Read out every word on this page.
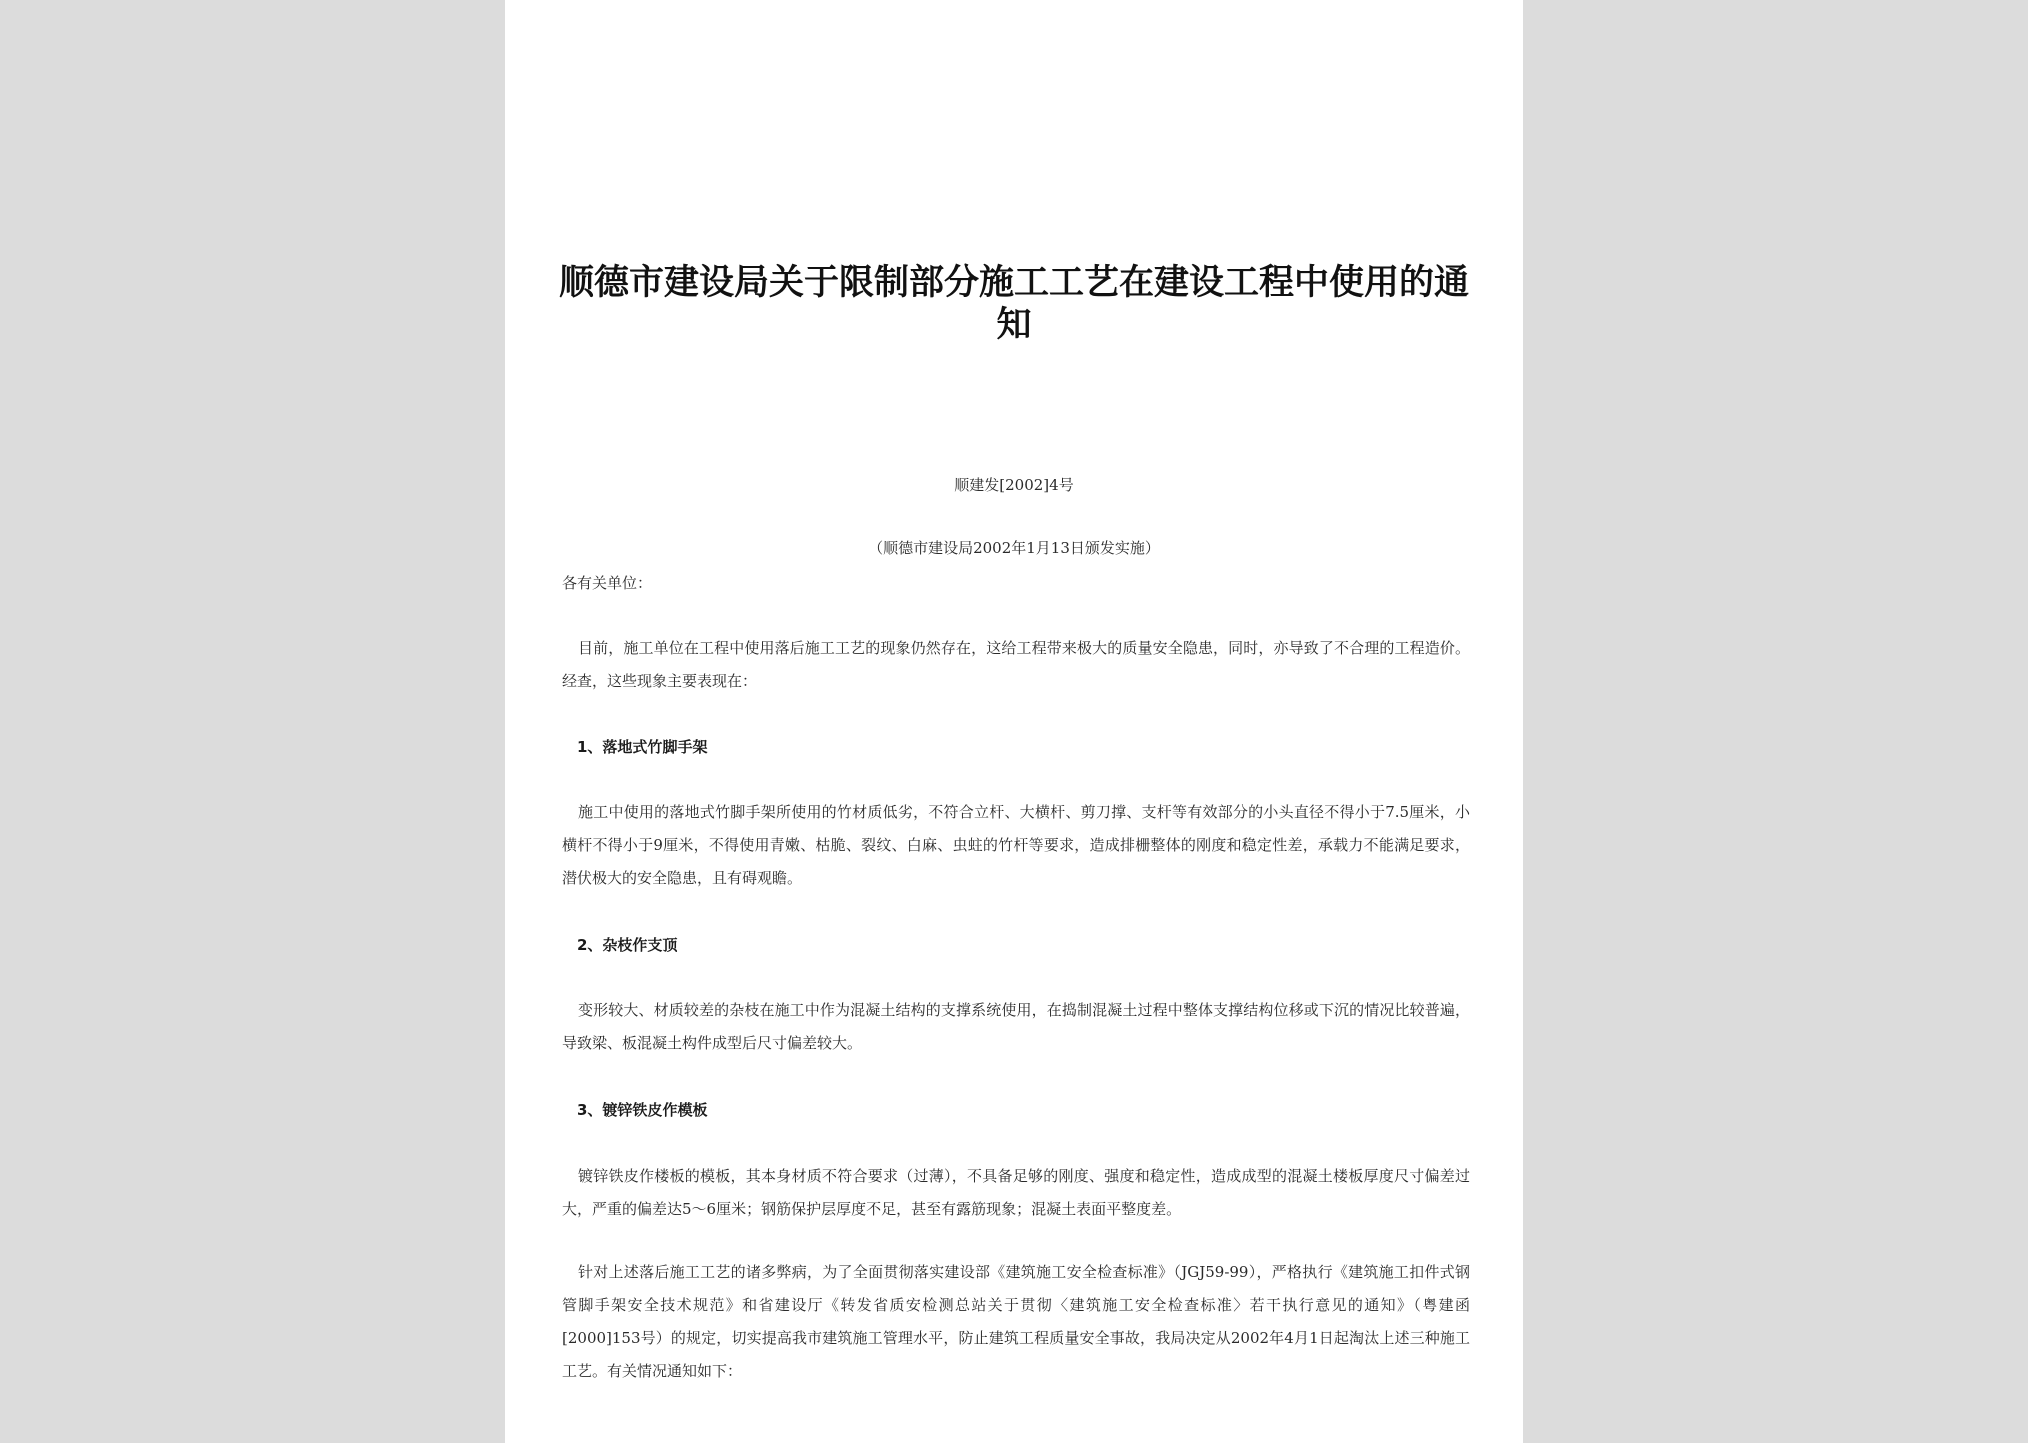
顺德市建设局关于限制部分施工工艺在建设工程中使用的通知
顺建发[2002]4号
（顺德市建设局2002年1月13日颁发实施）
各有关单位：
目前，施工单位在工程中使用落后施工工艺的现象仍然存在，这给工程带来极大的质量安全隐患，同时，亦导致了不合理的工程造价。经查，这些现象主要表现在：
1、落地式竹脚手架
施工中使用的落地式竹脚手架所使用的竹材质低劣，不符合立杆、大横杆、剪刀撑、支杆等有效部分的小头直径不得小于7.5厘米，小横杆不得小于9厘米，不得使用青嫩、枯脆、裂纹、白麻、虫蛀的竹杆等要求，造成排栅整体的刚度和稳定性差，承载力不能满足要求，潜伏极大的安全隐患，且有碍观瞻。
2、杂枝作支顶
变形较大、材质较差的杂枝在施工中作为混凝土结构的支撑系统使用，在捣制混凝土过程中整体支撑结构位移或下沉的情况比较普遍，导致梁、板混凝土构件成型后尺寸偏差较大。
3、镀锌铁皮作模板
镀锌铁皮作楼板的模板，其本身材质不符合要求（过薄），不具备足够的刚度、强度和稳定性，造成成型的混凝土楼板厚度尺寸偏差过大，严重的偏差达5～6厘米；钢筋保护层厚度不足，甚至有露筋现象；混凝土表面平整度差。
针对上述落后施工工艺的诸多弊病，为了全面贯彻落实建设部《建筑施工安全检查标准》（JGJ59-99），严格执行《建筑施工扣件式钢管脚手架安全技术规范》和省建设厅《转发省质安检测总站关于贯彻〈建筑施工安全检查标准〉若干执行意见的通知》（粤建函[2000]153号）的规定，切实提高我市建筑施工管理水平，防止建筑工程质量安全事故，我局决定从2002年4月1日起淘汰上述三种施工工艺。有关情况通知如下：
